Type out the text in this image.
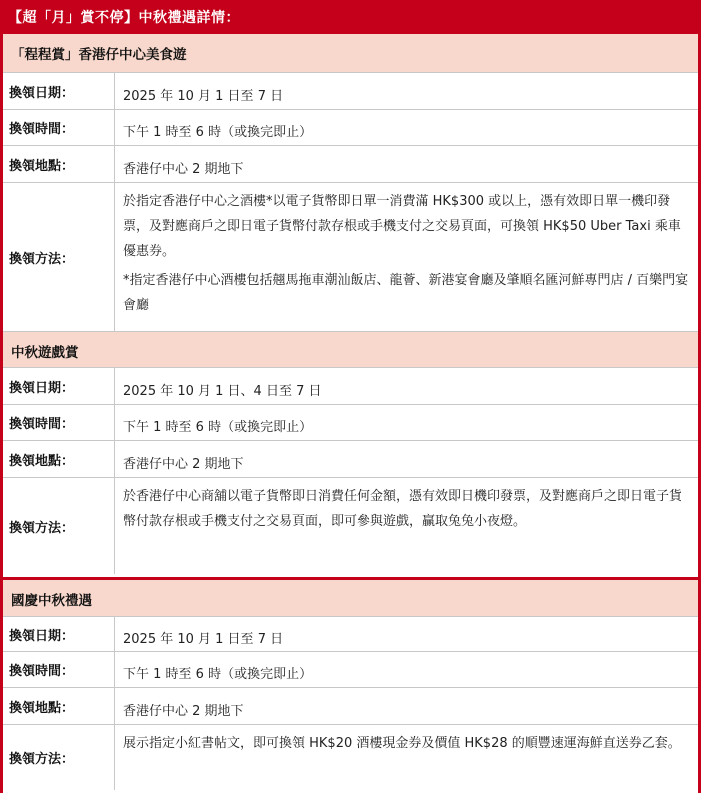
【超「月」賞不停】中秋禮遇詳情：
「程程賞」香港仔中心美食遊
換領日期：	2025 年 10 月 1 日至 7 日
換領時間：	下午 1 時至 6 時（或換完即止）
換領地點：	香港仔中心 2 期地下
換領方法：
於指定香港仔中心之酒樓*以電子貨幣即日單一消費滿 HK$300 或以上，憑有效即日單一機印發票，及對應商戶之即日電子貨幣付款存根或手機支付之交易頁面，可換領 HK$50 Uber Taxi 乘車優惠券。
*指定香港仔中心酒樓包括翹馬拖車潮汕飯店、龍薈、新港宴會廳及肇順名匯河鮮專門店 / 百樂門宴會廳
中秋遊戲賞
換領日期：	2025 年 10 月 1 日、4 日至 7 日
換領時間：	下午 1 時至 6 時（或換完即止）
換領地點：	香港仔中心 2 期地下
換領方法：
於香港仔中心商舖以電子貨幣即日消費任何金額，憑有效即日機印發票，及對應商戶之即日電子貨幣付款存根或手機支付之交易頁面，即可參與遊戲，贏取兔兔小夜燈。
國慶中秋禮遇
換領日期：	2025 年 10 月 1 日至 7 日
換領時間：	下午 1 時至 6 時（或換完即止）
換領地點：	香港仔中心 2 期地下
換領方法：
展示指定小紅書帖文，即可換領 HK$20 酒樓現金券及價值 HK$28 的順豐速運海鮮直送券乙套。
